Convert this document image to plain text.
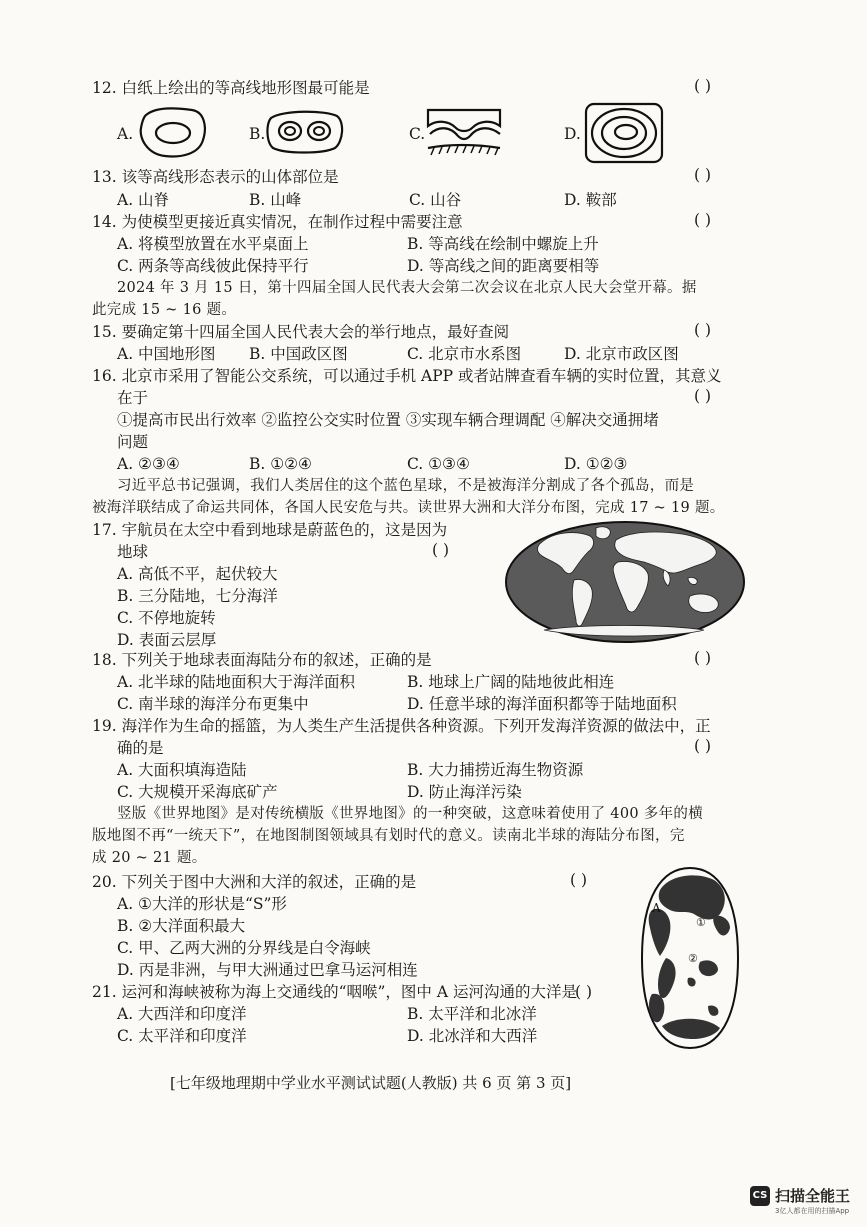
12. 白纸上绘出的等高线地形图最可能是	( )
A.	B.	C.	D.
13. 该等高线形态表示的山体部位是	( )
A. 山脊	B. 山峰	C. 山谷	D. 鞍部
14. 为使模型更接近真实情况，在制作过程中需要注意	( )
A. 将模型放置在水平桌面上	B. 等高线在绘制中螺旋上升
C. 两条等高线彼此保持平行	D. 等高线之间的距离要相等
2024 年 3 月 15 日，第十四届全国人民代表大会第二次会议在北京人民大会堂开幕。据
此完成 15 ~ 16 题。
15. 要确定第十四届全国人民代表大会的举行地点，最好查阅	( )
A. 中国地形图 B. 中国政区图	C. 北京市水系图	D. 北京市政区图
16. 北京市采用了智能公交系统，可以通过手机 APP 或者站牌查看车辆的实时位置，其意义
在于	( )
①提高市民出行效率 ②监控公交实时位置 ③实现车辆合理调配 ④解决交通拥堵
问题
A. ②③④	B. ①②④	C. ①③④	D. ①②③
习近平总书记强调，我们人类居住的这个蓝色星球，不是被海洋分割成了各个孤岛，而是
被海洋联结成了命运共同体，各国人民安危与共。读世界大洲和大洋分布图，完成 17 ~ 19 题。
17. 宇航员在太空中看到地球是蔚蓝色的，这是因为
地球	( )
A. 高低不平，起伏较大
B. 三分陆地，七分海洋
C. 不停地旋转
D. 表面云层厚
18. 下列关于地球表面海陆分布的叙述，正确的是	( )
A. 北半球的陆地面积大于海洋面积	B. 地球上广阔的陆地彼此相连
C. 南半球的海洋分布更集中	D. 任意半球的海洋面积都等于陆地面积
19. 海洋作为生命的摇篮，为人类生产生活提供各种资源。下列开发海洋资源的做法中，正
确的是	( )
A. 大面积填海造陆	B. 大力捕捞近海生物资源
C. 大规模开采海底矿产	D. 防止海洋污染
竖版《世界地图》是对传统横版《世界地图》的一种突破，这意味着使用了 400 多年的横
版地图不再“一统天下”，在地图制图领域具有划时代的意义。读南北半球的海陆分布图，完
成 20 ~ 21 题。
20. 下列关于图中大洲和大洋的叙述，正确的是	( )
A. ①大洋的形状是“S”形
B. ②大洋面积最大
C. 甲、乙两大洲的分界线是白令海峡
D. 丙是非洲，与甲大洲通过巴拿马运河相连
21. 运河和海峡被称为海上交通线的“咽喉”，图中 A 运河沟通的大洋是
( )
A. 大西洋和印度洋	B. 太平洋和北冰洋
C. 太平洋和印度洋	D. 北冰洋和大西洋
A
①
②
[七年级地理期中学业水平测试试题(人教版) 共 6 页 第 3 页]
CS 扫描全能王
3亿人都在用的扫描App
